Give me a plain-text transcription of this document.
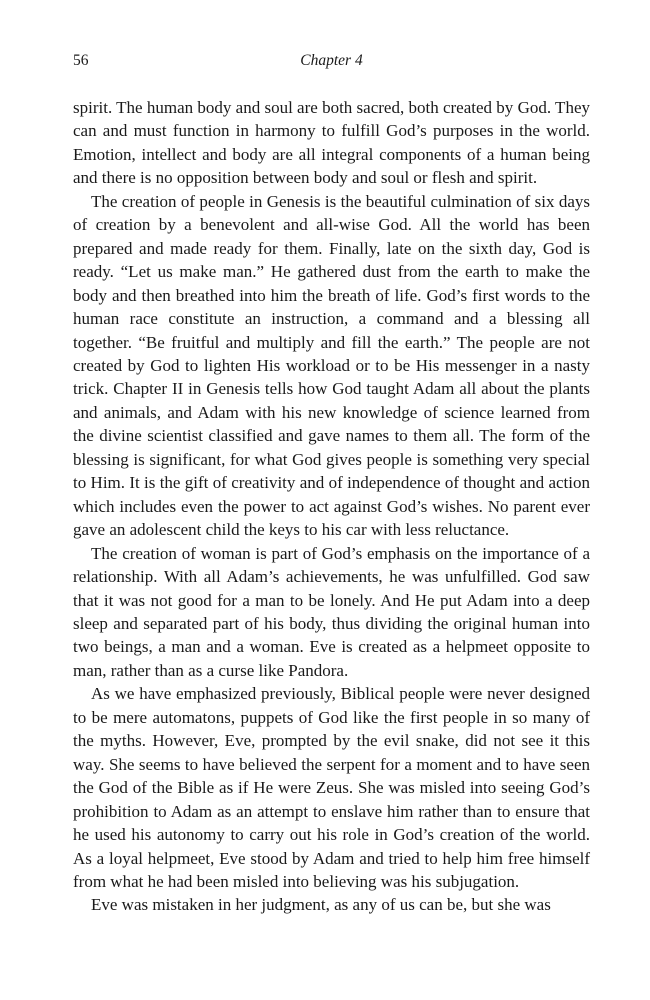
56	Chapter 4

spirit. The human body and soul are both sacred, both created by God. They can and must function in harmony to fulfill God’s purposes in the world. Emotion, intellect and body are all integral components of a human being and there is no opposition between body and soul or flesh and spirit.

The creation of people in Genesis is the beautiful culmination of six days of creation by a benevolent and all-wise God. All the world has been prepared and made ready for them. Finally, late on the sixth day, God is ready. “Let us make man.” He gathered dust from the earth to make the body and then breathed into him the breath of life. God’s first words to the human race constitute an instruction, a command and a blessing all together. “Be fruitful and multiply and fill the earth.” The people are not created by God to lighten His workload or to be His messenger in a nasty trick. Chapter II in Genesis tells how God taught Adam all about the plants and animals, and Adam with his new knowledge of science learned from the divine scientist classified and gave names to them all. The form of the blessing is significant, for what God gives people is something very special to Him. It is the gift of creativity and of independence of thought and action which includes even the power to act against God’s wishes. No parent ever gave an adolescent child the keys to his car with less reluctance.

The creation of woman is part of God’s emphasis on the importance of a relationship. With all Adam’s achievements, he was unfulfilled. God saw that it was not good for a man to be lonely. And He put Adam into a deep sleep and separated part of his body, thus dividing the original human into two beings, a man and a woman. Eve is created as a helpmeet opposite to man, rather than as a curse like Pandora.

As we have emphasized previously, Biblical people were never designed to be mere automatons, puppets of God like the first people in so many of the myths. However, Eve, prompted by the evil snake, did not see it this way. She seems to have believed the serpent for a moment and to have seen the God of the Bible as if He were Zeus. She was misled into seeing God’s prohibition to Adam as an attempt to enslave him rather than to ensure that he used his autonomy to carry out his role in God’s creation of the world. As a loyal helpmeet, Eve stood by Adam and tried to help him free himself from what he had been misled into believing was his subjugation.

Eve was mistaken in her judgment, as any of us can be, but she was
